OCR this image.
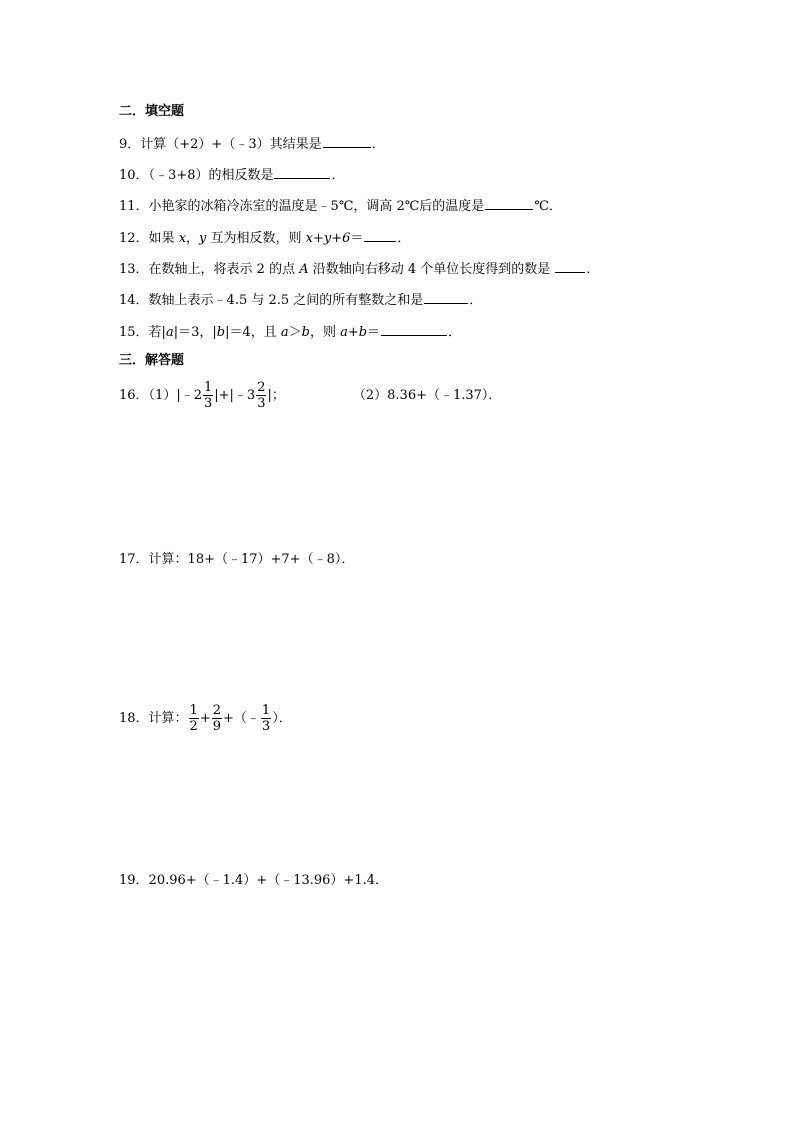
二．填空题
9．计算（+2）+（﹣3）其结果是	．
10．（﹣3+8）的相反数是	．
11．小艳家的冰箱冷冻室的温度是﹣5℃，调高 2℃后的温度是	℃．
12．如果 x，y 互为相反数，则 x+y+6＝	．
13．在数轴上，将表示 2 的点 A 沿数轴向右移动 4 个单位长度得到的数是 ．
14．数轴上表示﹣4.5 与 2.5 之间的所有整数之和是	．
15．若|a|＝3，|b|＝4，且 a＞b，则 a+b＝	．
三．解答题
16．（1）|﹣2 $\frac{1}{3}$ |+|﹣3 $\frac{2}{3}$ |；	（2）8.36+（﹣1.37）．
17．计算：18+（﹣17）+7+（﹣8）．
18．计算： $\frac{1}{2} + \frac{2}{9}$ +（﹣ $\frac{1}{3}$ ）．
19．20.96+（﹣1.4）+（﹣13.96）+1.4．
